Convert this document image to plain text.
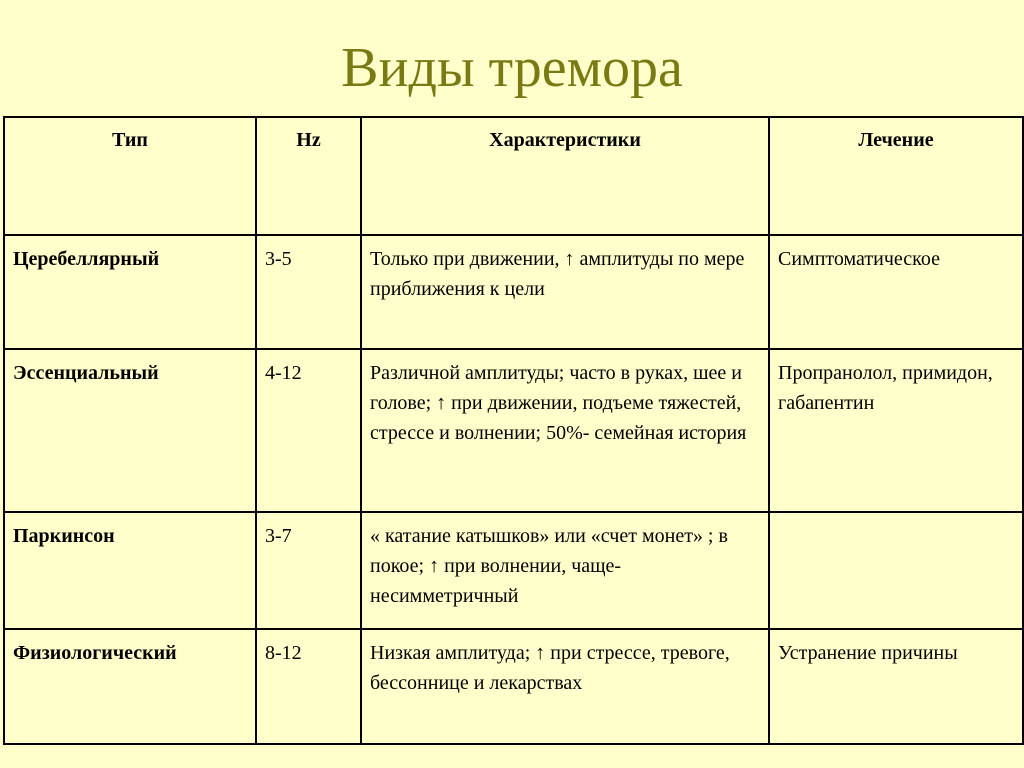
Виды тремора
Тип	Hz	Характеристики	Лечение

Церебеллярный	3-5	Только при движении, ↑ амплитуды по мере приближения к цели	Симптоматическое

Эссенциальный	4-12	Различной амплитуды; часто в руках, шее и голове; ↑ при движении, подъеме тяжестей, стрессе и волнении; 50%- семейная история	Пропранолол, примидон, габапентин

Паркинсон	3-7	« катание катышков» или «счет монет» ; в покое; ↑ при волнении, чаще- несимметричный	

Физиологический	8-12	Низкая амплитуда; ↑ при стрессе, тревоге, бессоннице и лекарствах	Устранение причины
